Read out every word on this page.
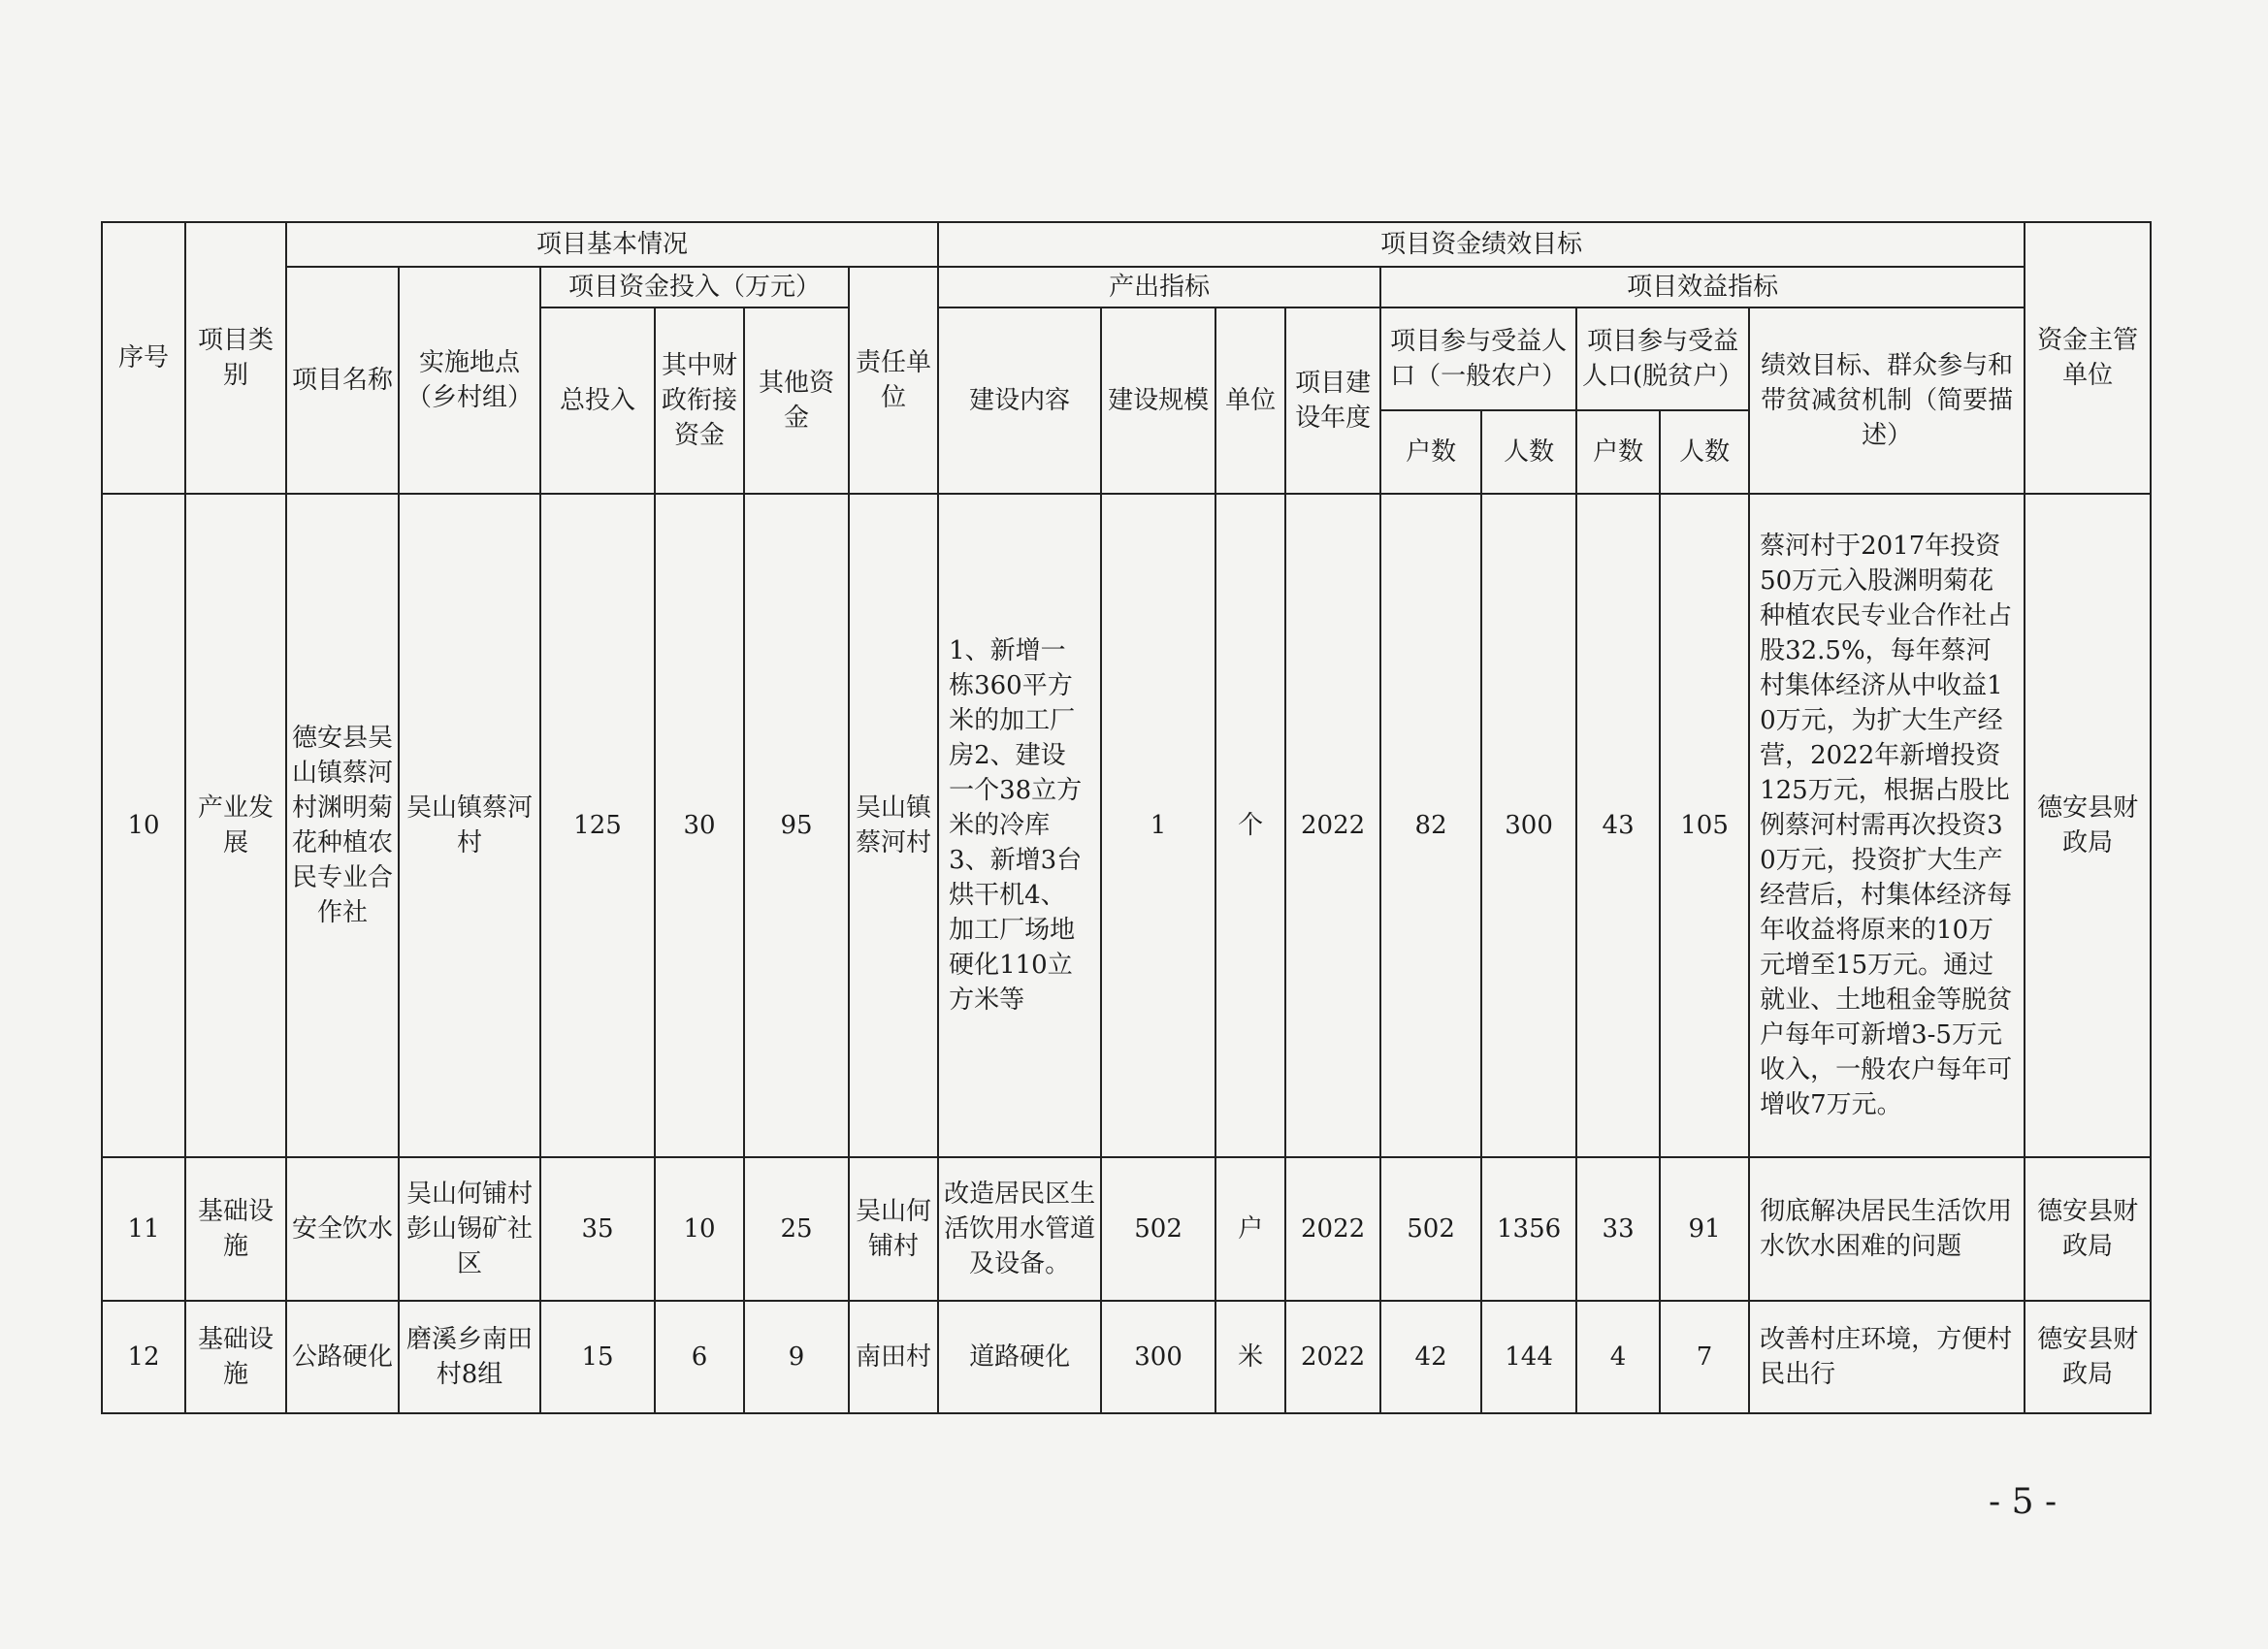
序号	项目类别	项目基本情况						项目资金绩效目标									资金主管单位
		项目名称	实施地点（乡村组）	项目资金投入（万元）			责任单位	产出指标				项目效益指标					
				总投入	其中财政衔接资金	其他资金		建设内容	建设规模	单位	项目建设年度	项目参与受益人口（一般农户）		项目参与受益人口(脱贫户）		绩效目标、群众参与和带贫减贫机制（简要描述）	
												户数	人数	户数	人数		
10	产业发展	德安县吴山镇蔡河村渊明菊花种植农民专业合作社	吴山镇蔡河村	125	30	95	吴山镇蔡河村	1、新增一栋360平方米的加工厂房2、建设一个38立方米的冷库3、新增3台烘干机4、加工厂场地硬化110立方米等	1	个	2022	82	300	43	105	蔡河村于2017年投资50万元入股渊明菊花种植农民专业合作社占股32.5%，每年蔡河村集体经济从中收益10万元，为扩大生产经营，2022年新增投资125万元，根据占股比例蔡河村需再次投资30万元，投资扩大生产经营后，村集体经济每年收益将原来的10万元增至15万元。通过就业、土地租金等脱贫户每年可新增3-5万元收入，一般农户每年可增收7万元。	德安县财政局
11	基础设施	安全饮水	吴山何铺村彭山锡矿社区	35	10	25	吴山何铺村	改造居民区生活饮用水管道及设备。	502	户	2022	502	1356	33	91	彻底解决居民生活饮用水饮水困难的问题	德安县财政局
12	基础设施	公路硬化	磨溪乡南田村8组	15	6	9	南田村	道路硬化	300	米	2022	42	144	4	7	改善村庄环境，方便村民出行	德安县财政局
- 5 -
